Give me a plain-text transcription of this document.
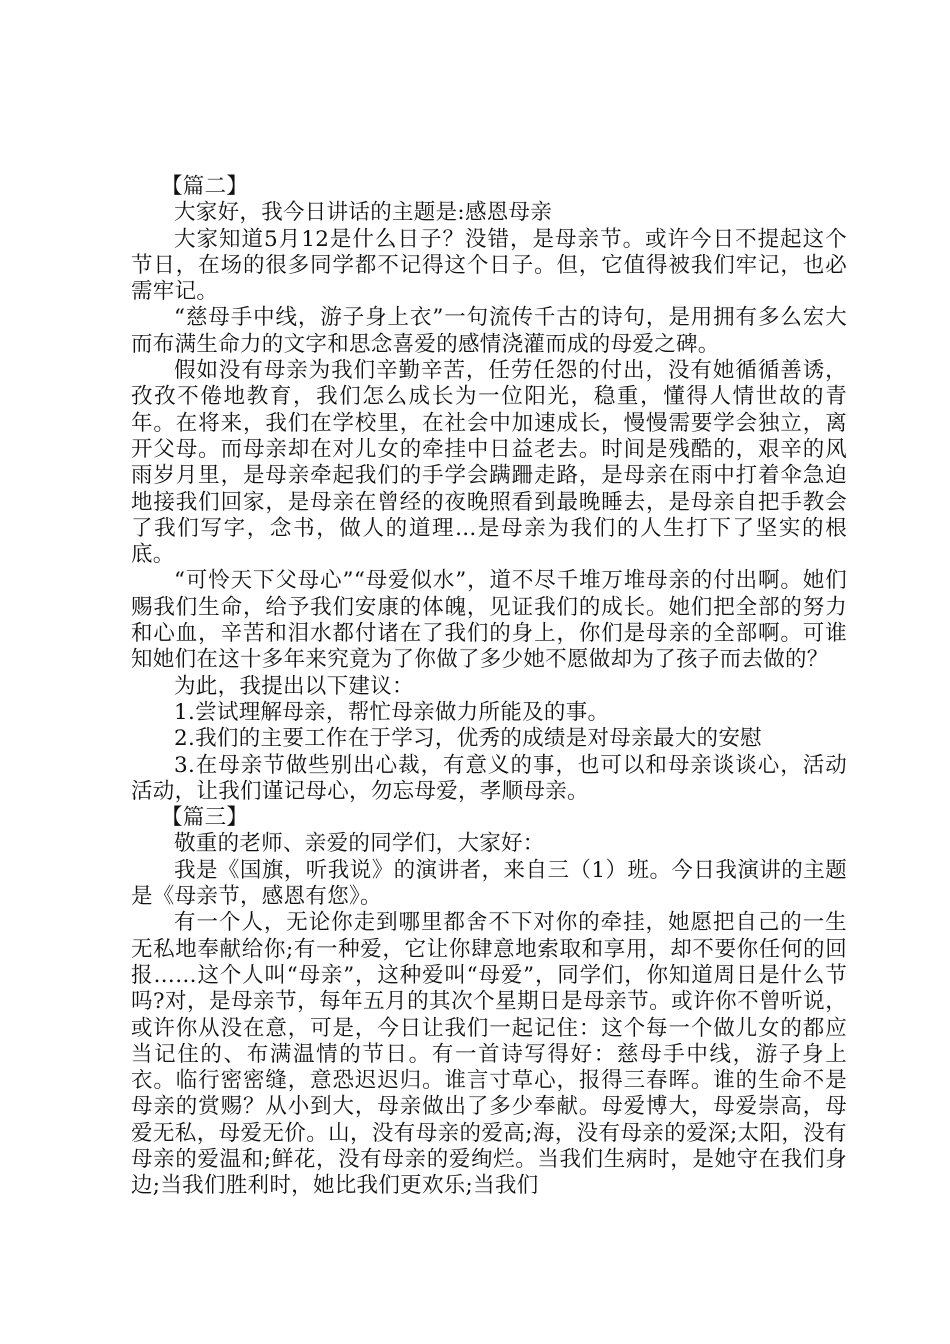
【篇二】

大家好，我今日讲话的主题是:感恩母亲

大家知道5月12是什么日子？没错，是母亲节。或许今日不提起这个节日，在场的很多同学都不记得这个日子。但，它值得被我们牢记，也必需牢记。

“慈母手中线，游子身上衣”一句流传千古的诗句，是用拥有多么宏大而布满生命力的文字和思念喜爱的感情浇灌而成的母爱之碑。

假如没有母亲为我们辛勤辛苦，任劳任怨的付出，没有她循循善诱，孜孜不倦地教育，我们怎么成长为一位阳光，稳重，懂得人情世故的青年。在将来，我们在学校里，在社会中加速成长，慢慢需要学会独立，离开父母。而母亲却在对儿女的牵挂中日益老去。时间是残酷的，艰辛的风雨岁月里，是母亲牵起我们的手学会蹒跚走路，是母亲在雨中打着伞急迫地接我们回家，是母亲在曾经的夜晚照看到最晚睡去，是母亲自把手教会了我们写字，念书，做人的道理...是母亲为我们的人生打下了坚实的根底。

“可怜天下父母心”“母爱似水”，道不尽千堆万堆母亲的付出啊。她们赐我们生命，给予我们安康的体魄，见证我们的成长。她们把全部的努力和心血，辛苦和泪水都付诸在了我们的身上，你们是母亲的全部啊。可谁知她们在这十多年来究竟为了你做了多少她不愿做却为了孩子而去做的？

为此，我提出以下建议：

1.尝试理解母亲，帮忙母亲做力所能及的事。

2.我们的主要工作在于学习，优秀的成绩是对母亲最大的安慰

3.在母亲节做些别出心裁，有意义的事，也可以和母亲谈谈心，活动活动，让我们谨记母心，勿忘母爱，孝顺母亲。

【篇三】

敬重的老师、亲爱的同学们，大家好：

我是《国旗，听我说》的演讲者，来自三（1）班。今日我演讲的主题是《母亲节，感恩有您》。

有一个人，无论你走到哪里都舍不下对你的牵挂，她愿把自己的一生无私地奉献给你;有一种爱，它让你肆意地索取和享用，却不要你任何的回报……这个人叫“母亲”，这种爱叫“母爱”，同学们，你知道周日是什么节吗?对，是母亲节，每年五月的其次个星期日是母亲节。或许你不曾听说，或许你从没在意，可是，今日让我们一起记住：这个每一个做儿女的都应当记住的、布满温情的节日。有一首诗写得好：慈母手中线，游子身上衣。临行密密缝，意恐迟迟归。谁言寸草心，报得三春晖。谁的生命不是母亲的赏赐？从小到大，母亲做出了多少奉献。母爱博大，母爱崇高，母爱无私，母爱无价。山，没有母亲的爱高;海，没有母亲的爱深;太阳，没有母亲的爱温和;鲜花，没有母亲的爱绚烂。当我们生病时，是她守在我们身边;当我们胜利时，她比我们更欢乐;当我们
